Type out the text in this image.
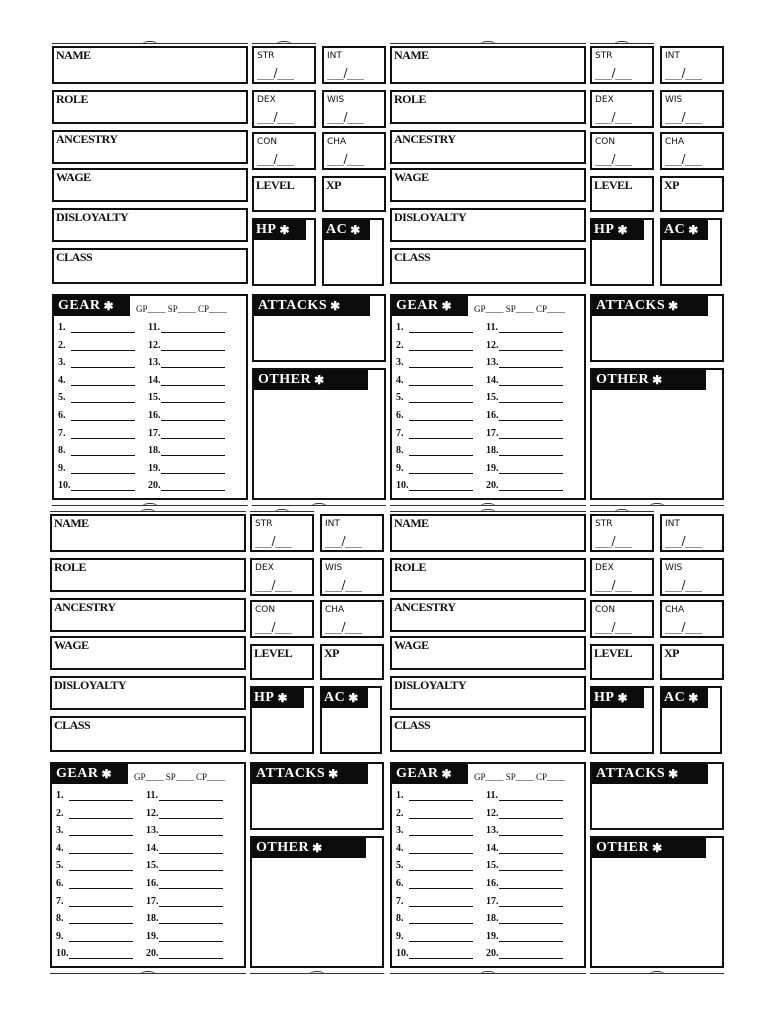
NAME
ROLE
ANCESTRY
WAGE
DISLOYALTY
CLASS
STR
___/___
INT
___/___
DEX
___/___
WIS
___/___
CON
___/___
CHA
___/___
LEVEL	XP
HP ✱	AC ✱
GEAR ✱	GP____ SP____ CP____
1.
2.
3.
4.
5.
6.
7.
8.
9.
10.
11.
12.
13.
14.
15.
16.
17.
18.
19.
20.
ATTACKS ✱
OTHER ✱
NAME
ROLE
ANCESTRY
WAGE
DISLOYALTY
CLASS
STR
___/___
INT
___/___
DEX
___/___
WIS
___/___
CON
___/___
CHA
___/___
LEVEL	XP
HP ✱	AC ✱
GEAR ✱	GP____ SP____ CP____
1.
2.
3.
4.
5.
6.
7.
8.
9.
10.
11.
12.
13.
14.
15.
16.
17.
18.
19.
20.
ATTACKS ✱
OTHER ✱
NAME
ROLE
ANCESTRY
WAGE
DISLOYALTY
CLASS
STR
___/___
INT
___/___
DEX
___/___
WIS
___/___
CON
___/___
CHA
___/___
LEVEL	XP
HP ✱	AC ✱
GEAR ✱	GP____ SP____ CP____
1.
2.
3.
4.
5.
6.
7.
8.
9.
10.
11.
12.
13.
14.
15.
16.
17.
18.
19.
20.
ATTACKS ✱
OTHER ✱
NAME
ROLE
ANCESTRY
WAGE
DISLOYALTY
CLASS
STR
___/___
INT
___/___
DEX
___/___
WIS
___/___
CON
___/___
CHA
___/___
LEVEL	XP
HP ✱	AC ✱
GEAR ✱	GP____ SP____ CP____
1.
2.
3.
4.
5.
6.
7.
8.
9.
10.
11.
12.
13.
14.
15.
16.
17.
18.
19.
20.
ATTACKS ✱
OTHER ✱
